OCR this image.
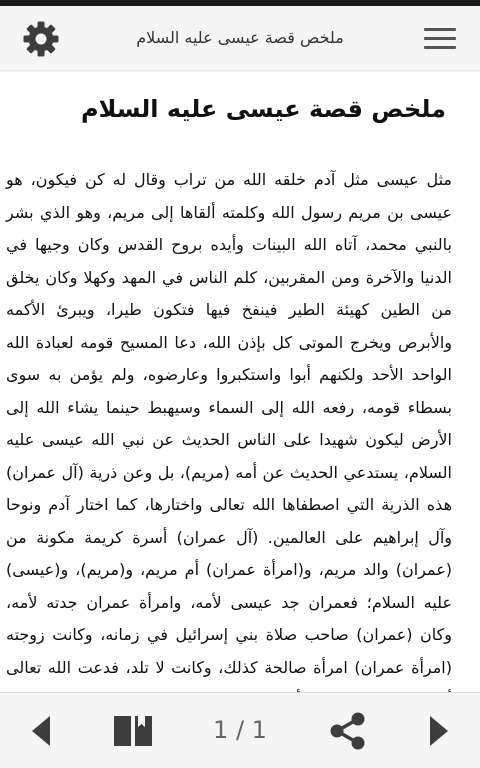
ملخص قصة عيسى عليه السلام
ملخص قصة عيسى عليه السلام
مثل عيسى مثل آدم خلقه الله من تراب وقال له كن فيكون، هو عيسى بن مريم رسول الله وكلمته ألقاها إلى مريم، وهو الذي بشر بالنبي محمد، آتاه الله البينات وأيده بروح القدس وكان وجيها في الدنيا والآخرة ومن المقربين، كلم الناس في المهد وكهلا وكان يخلق من الطين كهيئة الطير فينفخ فيها فتكون طيرا، ويبرئ الأكمه والأبرص ويخرج الموتى كل بإذن الله، دعا المسيح قومه لعبادة الله الواحد الأحد ولكنهم أبوا واستكبروا وعارضوه، ولم يؤمن به سوى بسطاء قومه، رفعه الله إلى السماء وسيهبط حينما يشاء الله إلى الأرض ليكون شهيدا على الناس الحديث عن نبي الله عيسى عليه السلام، يستدعي الحديث عن أمه (مريم)، بل وعن ذرية (آل عمران) هذه الذرية التي اصطفاها الله تعالى واختارها، كما اختار آدم ونوحا وآل إبراهيم على العالمين. (آل عمران) أسرة كريمة مكونة من (عمران) والد مريم، و(امرأة عمران) أم مريم، و(مريم)، و(عيسى) عليه السلام؛ فعمران جد عيسى لأمه، وامرأة عمران جدته لأمه، وكان (عمران) صاحب صلاة بني إسرائيل في زمانه، وكانت زوجته (امرأة عمران) امرأة صالحة كذلك، وكانت لا تلد، فدعت الله تعالى
1 / 1
